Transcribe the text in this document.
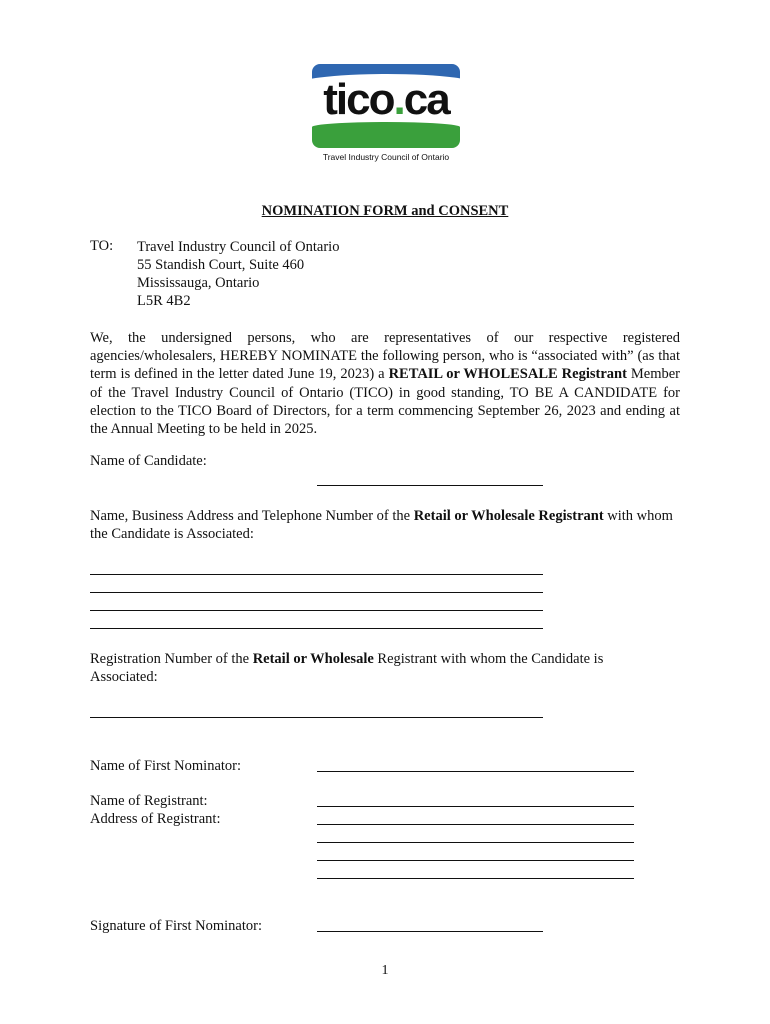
tico.ca
Travel Industry Council of Ontario
NOMINATION FORM and CONSENT
TO: Travel Industry Council of Ontario
55 Standish Court, Suite 460
Mississauga, Ontario
L5R 4B2
We, the undersigned persons, who are representatives of our respective registered agencies/wholesalers, HEREBY NOMINATE the following person, who is “associated with” (as that term is defined in the letter dated June 19, 2023) a RETAIL or WHOLESALE Registrant Member of the Travel Industry Council of Ontario (TICO) in good standing, TO BE A CANDIDATE for election to the TICO Board of Directors, for a term commencing September 26, 2023 and ending at the Annual Meeting to be held in 2025.
Name of Candidate:
Name, Business Address and Telephone Number of the Retail or Wholesale Registrant with whom the Candidate is Associated:
Registration Number of the Retail or Wholesale Registrant with whom the Candidate is Associated:
Name of First Nominator:
Name of Registrant:
Address of Registrant:
Signature of First Nominator:
1
